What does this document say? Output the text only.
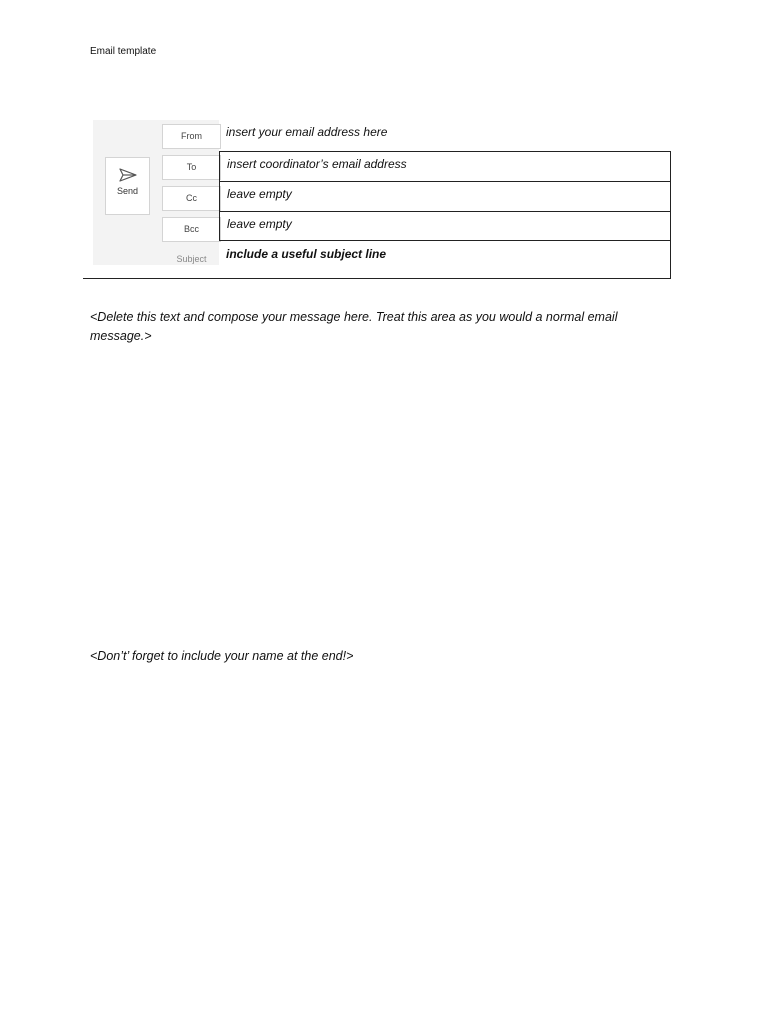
Email template
Send
From
To
Cc
Bcc
Subject
insert your email address here
insert coordinator’s email address
leave empty
leave empty
include a useful subject line
<Delete this text and compose your message here. Treat this area as you would a normal email message.>
<Don’t’ forget to include your name at the end!>
